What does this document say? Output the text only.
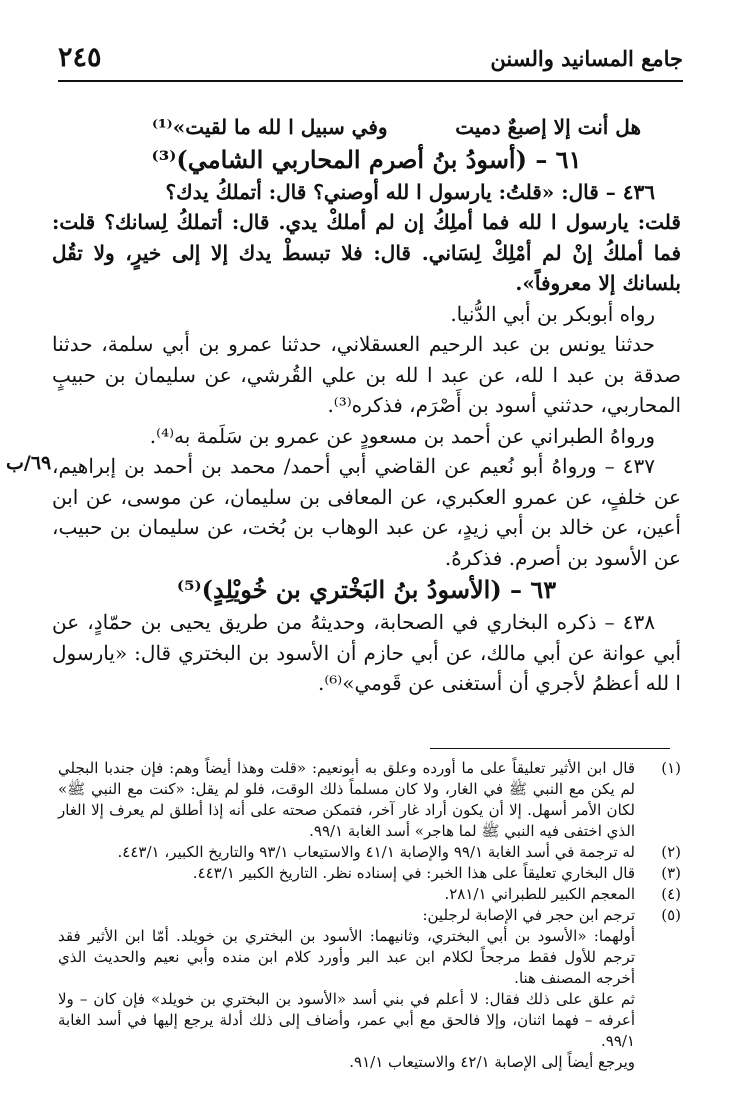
٢٤٥	جامع المسانيد والسنن

هل أنت إلا إصبعٌ دميت
وفي سبيل ا لله ما لقيت»⁽¹⁾

٦١ – (أسودُ بنُ أصرم المحاربي الشامي)⁽³⁾

٤٣٦ – قال: «قلتُ: يارسول ا لله أوصني؟ قال: أتملكُ يدك؟

قلت: يارسول ا لله فما أملِكُ إن لم أملكْ يدي. قال: أتملكُ لِسانك؟ قلت: فما أملكُ إنْ لم أمْلِكْ لِسَاني. قال: فلا تبسطْ يدك إلا إلى خيرٍ، ولا تقُل بلسانك إلا معروفاً».

رواه أبوبكر بن أبي الدُّنيا.

حدثنا يونس بن عبد الرحيم العسقلاني، حدثنا عمرو بن أبي سلمة، حدثنا صدقة بن عبد ا لله، عن عبد ا لله بن علي القُرشي، عن سليمان بن حبيبٍ المحاربي، حدثني أسود بن أَصْرَم، فذكره⁽³⁾.

ورواهُ الطبراني عن أحمد بن مسعودٍ عن عمرو بن سَلَمة به⁽⁴⁾.

٤٣٧ – ورواهُ أبو نُعيم عن القاضي أبي أحمد/ محمد بن أحمد بن إبراهيم، عن خلفٍ، عن عمرو العكبري، عن المعافى بن سليمان، عن موسى، عن ابن أعين، عن خالد بن أبي زيدٍ، عن عبد الوهاب بن بُخت، عن سليمان بن حبيب، عن الأسود بن أصرم. فذكرهُ.

٦٣ – (الأسودُ بنُ البَخْتري بن خُويْلِدٍ)⁽⁵⁾

٤٣٨ – ذكره البخاري في الصحابة، وحديثهُ من طريق يحيى بن حمّادٍ، عن أبي عوانة عن أبي مالك، عن أبي حازم أن الأسود بن البختري قال: «يارسول ا لله أعظمُ لأجري أن أستغنى عن قَومي»⁽⁶⁾.

٦٩/ب
(١)
قال ابن الأثير تعليقاً على ما أورده وعلق به أبونعيم: «قلت وهذا أيضاً وهم: فإن جندبا البجلي لم يكن مع النبي ﷺ في الغار، ولا كان مسلماً ذلك الوقت، فلو لم يقل: «كنت مع النبي ﷺ» لكان الأمر أسهل. إلا أن يكون أراد غار آخر، فتمكن صحته على أنه إذا أطلق لم يعرف إلا الغار الذي اختفى فيه النبي ﷺ لما هاجر» أسد الغابة ٩٩/١.
(٢)
له ترجمة في أسد الغابة ٩٩/١ والإصابة ٤١/١ والاستيعاب ٩٣/١ والتاريخ الكبير، ٤٤٣/١.
(٣)
قال البخاري تعليقاً على هذا الخبر: في إسناده نظر. التاريخ الكبير ٤٤٣/١.
(٤)
المعجم الكبير للطبراني ٢٨١/١.
(٥)
ترجم ابن حجر في الإصابة لرجلين:
أولهما: «الأسود بن أبي البختري، وثانيهما: الأسود بن البختري بن خويلد. أمّا ابن الأثير فقد ترجم للأول فقط مرجحاً لكلام ابن عبد البر وأورد كلام ابن منده وأبي نعيم والحديث الذي أخرجه المصنف هنا.
ثم علق على ذلك فقال: لا أعلم في بني أسد «الأسود بن البختري بن خويلد» فإن كان – ولا أعرفه – فهما اثنان، وإلا فالحق مع أبي عمر، وأضاف إلى ذلك أدلة يرجع إليها في أسد الغابة ٩٩/١.
ويرجع أيضاً إلى الإصابة ٤٢/١ والاستيعاب ٩١/١.
